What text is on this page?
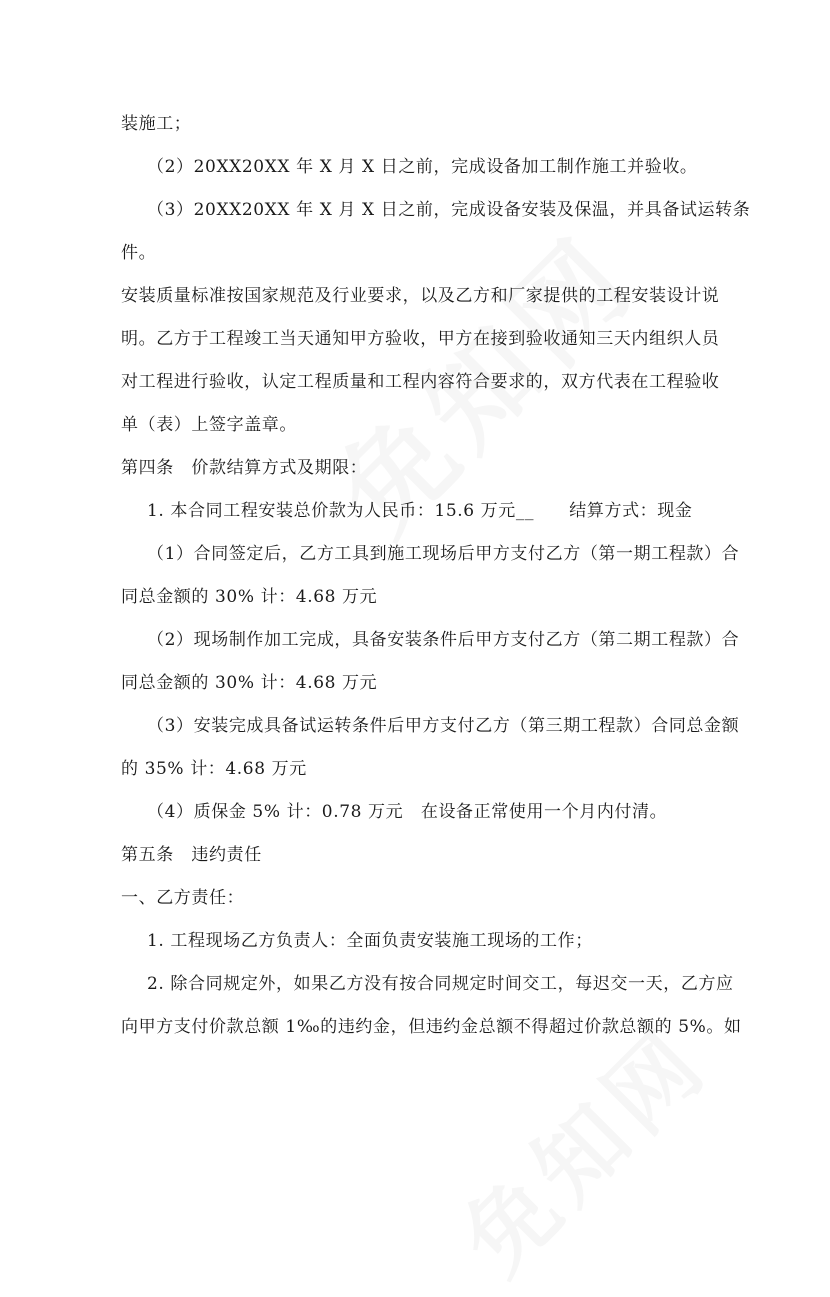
装施工；
（2）20XX20XX 年 X 月 X 日之前，完成设备加工制作施工并验收。
（3）20XX20XX 年 X 月 X 日之前，完成设备安装及保温，并具备试运转条
件。
安装质量标准按国家规范及行业要求，以及乙方和厂家提供的工程安装设计说
明。乙方于工程竣工当天通知甲方验收，甲方在接到验收通知三天内组织人员
对工程进行验收，认定工程质量和工程内容符合要求的，双方代表在工程验收
单（表）上签字盖章。
第四条　价款结算方式及期限：
1. 本合同工程安装总价款为人民币：15.6 万元__　　结算方式：现金
（1）合同签定后，乙方工具到施工现场后甲方支付乙方（第一期工程款）合
同总金额的 30% 计：4.68 万元
（2）现场制作加工完成，具备安装条件后甲方支付乙方（第二期工程款）合
同总金额的 30% 计：4.68 万元
（3）安装完成具备试运转条件后甲方支付乙方（第三期工程款）合同总金额
的 35% 计：4.68 万元
（4）质保金 5% 计：0.78 万元　在设备正常使用一个月内付清。
第五条　违约责任
一、乙方责任：
1. 工程现场乙方负责人：全面负责安装施工现场的工作；
2. 除合同规定外，如果乙方没有按合同规定时间交工，每迟交一天，乙方应
向甲方支付价款总额 1‰的违约金，但违约金总额不得超过价款总额的 5%。如
